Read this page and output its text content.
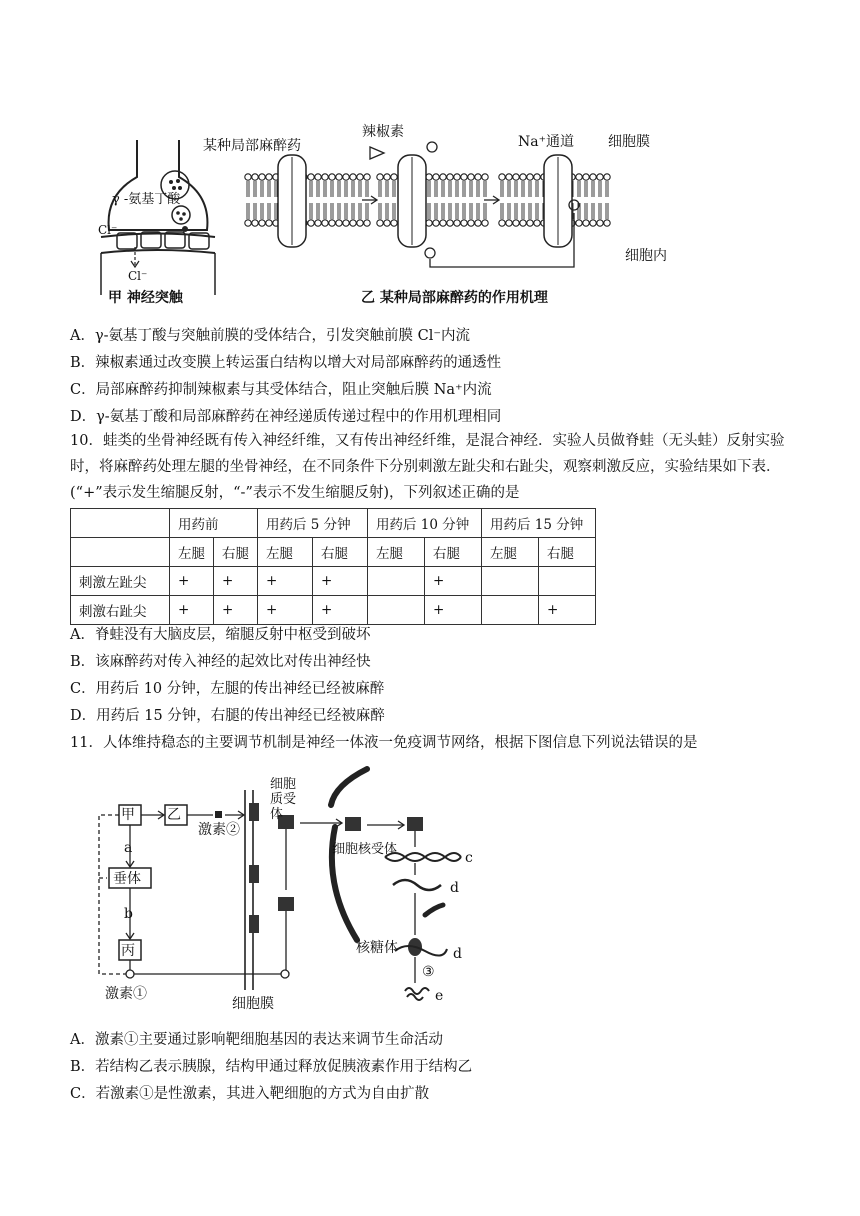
γ -氨基丁酸
Cl⁻
Cl⁻
甲 神经突触
某种局部麻醉药
辣椒素
Na⁺通道 细胞膜
细胞内
乙 某种局部麻醉药的作用机理
A．γ-氨基丁酸与突触前膜的受体结合，引发突触前膜 Cl⁻内流
B．辣椒素通过改变膜上转运蛋白结构以增大对局部麻醉药的通透性
C．局部麻醉药抑制辣椒素与其受体结合，阻止突触后膜 Na⁺内流
D．γ-氨基丁酸和局部麻醉药在神经递质传递过程中的作用机理相同
10．蛙类的坐骨神经既有传入神经纤维，又有传出神经纤维，是混合神经．实验人员做脊蛙（无头蛙）反射实验时，将麻醉药处理左腿的坐骨神经，在不同条件下分别刺激左趾尖和右趾尖，观察刺激反应，实验结果如下表．(“+”表示发生缩腿反射，“-”表示不发生缩腿反射)，下列叙述正确的是
	用药前		用药后 5 分钟		用药后 10 分钟		用药后 15 分钟	
	左腿	右腿	左腿	右腿	左腿	右腿	左腿	右腿
刺激左趾尖	+	+	+	+		+		
刺激右趾尖	+	+	+	+		+		+
A．脊蛙没有大脑皮层，缩腿反射中枢受到破坏
B．该麻醉药对传入神经的起效比对传出神经快
C．用药后 10 分钟，左腿的传出神经已经被麻醉
D．用药后 15 分钟，右腿的传出神经已经被麻醉
11．人体维持稳态的主要调节机制是神经一体液一免疫调节网络，根据下图信息下列说法错误的是
甲 乙
a
垂体
b
丙
激素②
激素①
细胞质受体
细胞核受体
c
d
核糖体	d
③
e
细胞膜
A．激素①主要通过影响靶细胞基因的表达来调节生命活动
B．若结构乙表示胰腺，结构甲通过释放促胰液素作用于结构乙
C．若激素①是性激素，其进入靶细胞的方式为自由扩散
